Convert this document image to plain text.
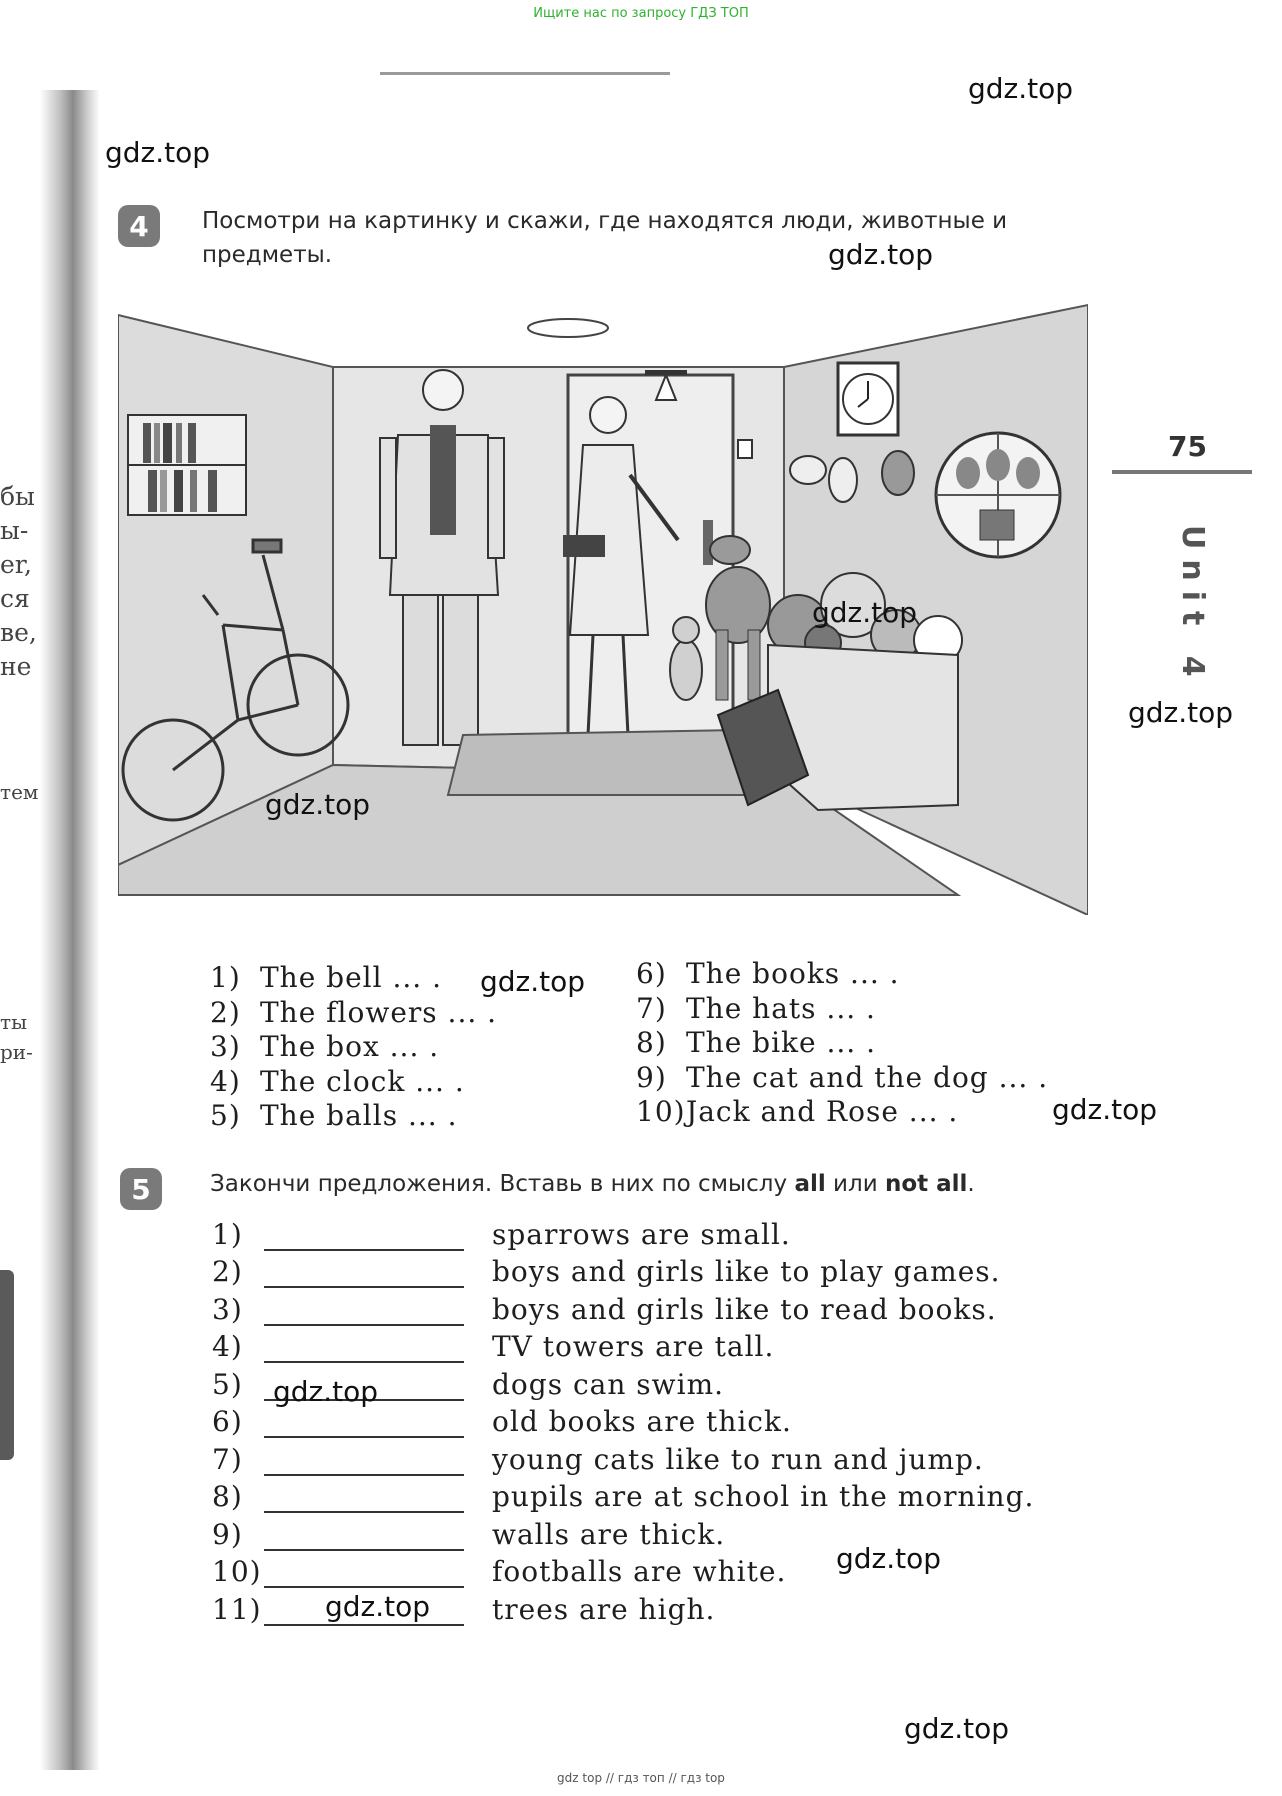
Ищите нас по запросу ГДЗ ТОП
gdz top // гдз топ // гдз top
бы
ы-
er,
ся
ве,
не
тем
ты
ри-
75
Unit 4
4	Посмотри на картинку и скажи, где находятся люди, животные и предметы.
1) The bell ... .
2) The flowers ... .
3) The box ... .
4) The clock ... .
5) The balls ... .
6) The books ... .
7) The hats ... .
8) The bike ... .
9) The cat and the dog ... .
10)Jack and Rose ... .
5	Закончи предложения. Вставь в них по смыслу all или not all.
1)	sparrows are small.
2)	boys and girls like to play games.
3)	boys and girls like to read books.
4)	TV towers are tall.
5)	dogs can swim.
6)	old books are thick.
7)	young cats like to run and jump.
8)	pupils are at school in the morning.
9)	walls are thick.
10)	footballs are white.
11)	trees are high.
gdz.top
gdz.top
gdz.top
gdz.top
gdz.top
gdz.top
gdz.top
gdz.top
gdz.top
gdz.top
gdz.top
gdz.top
